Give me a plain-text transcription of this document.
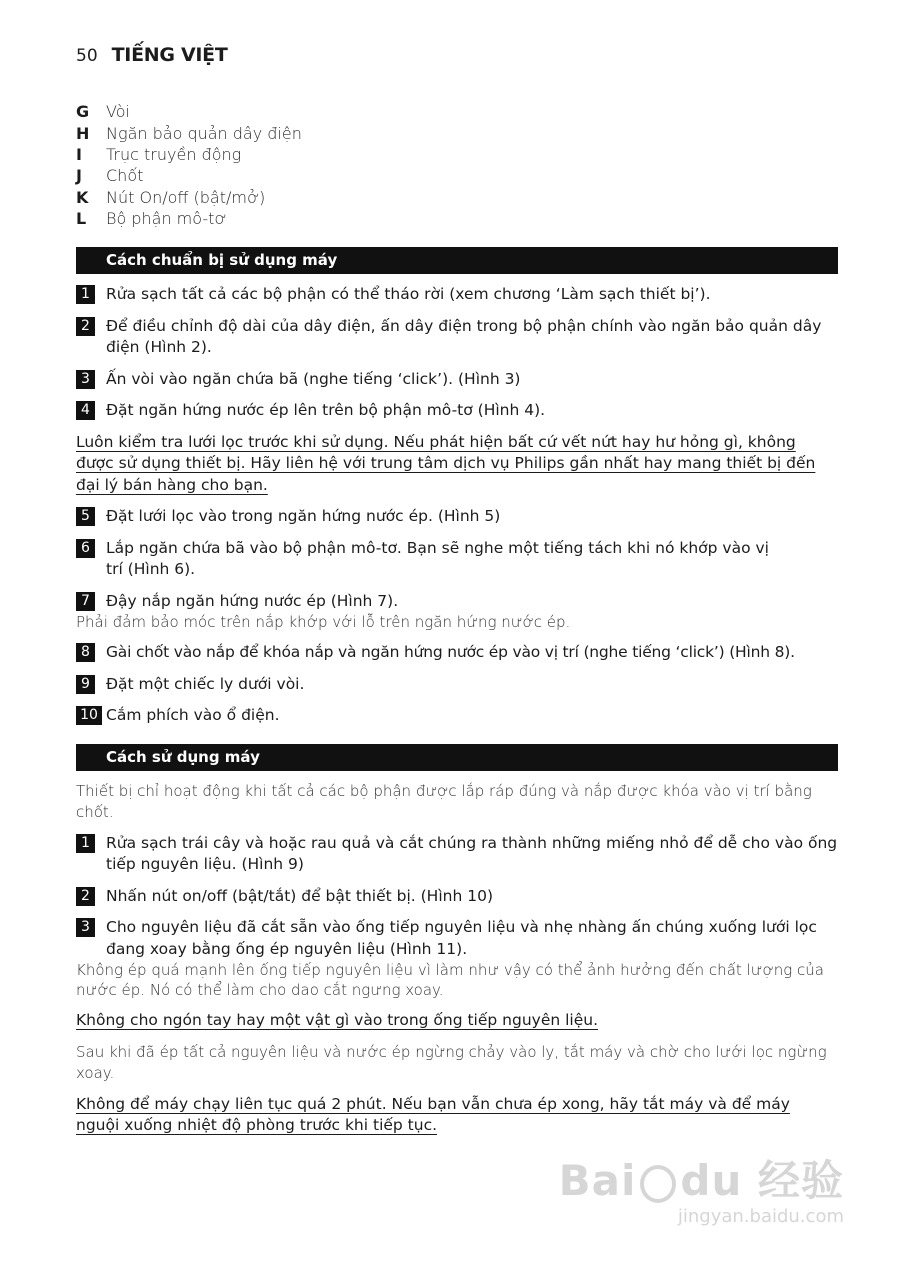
50 TIẾNG VIỆT
G	Vòi
H	Ngăn bảo quản dây điện
I	Trục truyền động
J	Chốt
K	Nút On/off (bật/mở)
L	Bộ phận mô-tơ
Cách chuẩn bị sử dụng máy
1	Rửa sạch tất cả các bộ phận có thể tháo rời (xem chương ‘Làm sạch thiết bị’).
2	Để điều chỉnh độ dài của dây điện, ấn dây điện trong bộ phận chính vào ngăn bảo quản dây điện (Hình 2).
3	Ấn vòi vào ngăn chứa bã (nghe tiếng ‘click’). (Hình 3)
4	Đặt ngăn hứng nước ép lên trên bộ phận mô-tơ (Hình 4).
Luôn kiểm tra lưới lọc trước khi sử dụng. Nếu phát hiện bất cứ vết nứt hay hư hỏng gì, không được sử dụng thiết bị. Hãy liên hệ với trung tâm dịch vụ Philips gần nhất hay mang thiết bị đến đại lý bán hàng cho bạn.
5	Đặt lưới lọc vào trong ngăn hứng nước ép. (Hình 5)
6	Lắp ngăn chứa bã vào bộ phận mô-tơ. Bạn sẽ nghe một tiếng tách khi nó khớp vào vị trí (Hình 6).
7	Đậy nắp ngăn hứng nước ép (Hình 7).
Phải đảm bảo móc trên nắp khớp với lỗ trên ngăn hứng nước ép.
8	Gài chốt vào nắp để khóa nắp và ngăn hứng nước ép vào vị trí (nghe tiếng ‘click’) (Hình 8).
9	Đặt một chiếc ly dưới vòi.
10 Cắm phích vào ổ điện.
Cách sử dụng máy
Thiết bị chỉ hoạt động khi tất cả các bộ phận được lắp ráp đúng và nắp được khóa vào vị trí bằng chốt.
1	Rửa sạch trái cây và hoặc rau quả và cắt chúng ra thành những miếng nhỏ để dễ cho vào ống tiếp nguyên liệu. (Hình 9)
2	Nhấn nút on/off (bật/tắt) để bật thiết bị. (Hình 10)
3	Cho nguyên liệu đã cắt sẵn vào ống tiếp nguyên liệu và nhẹ nhàng ấn chúng xuống lưới lọc đang xoay bằng ống ép nguyên liệu (Hình 11).
Không ép quá mạnh lên ống tiếp nguyên liệu vì làm như vậy có thể ảnh hưởng đến chất lượng của nước ép. Nó có thể làm cho dao cắt ngưng xoay.
Không cho ngón tay hay một vật gì vào trong ống tiếp nguyên liệu.
Sau khi đã ép tất cả nguyên liệu và nước ép ngừng chảy vào ly, tắt máy và chờ cho lưới lọc ngừng xoay.
Không để máy chạy liên tục quá 2 phút. Nếu bạn vẫn chưa ép xong, hãy tắt máy và để máy nguội xuống nhiệt độ phòng trước khi tiếp tục.
Bai du 经验
jingyan.baidu.com
